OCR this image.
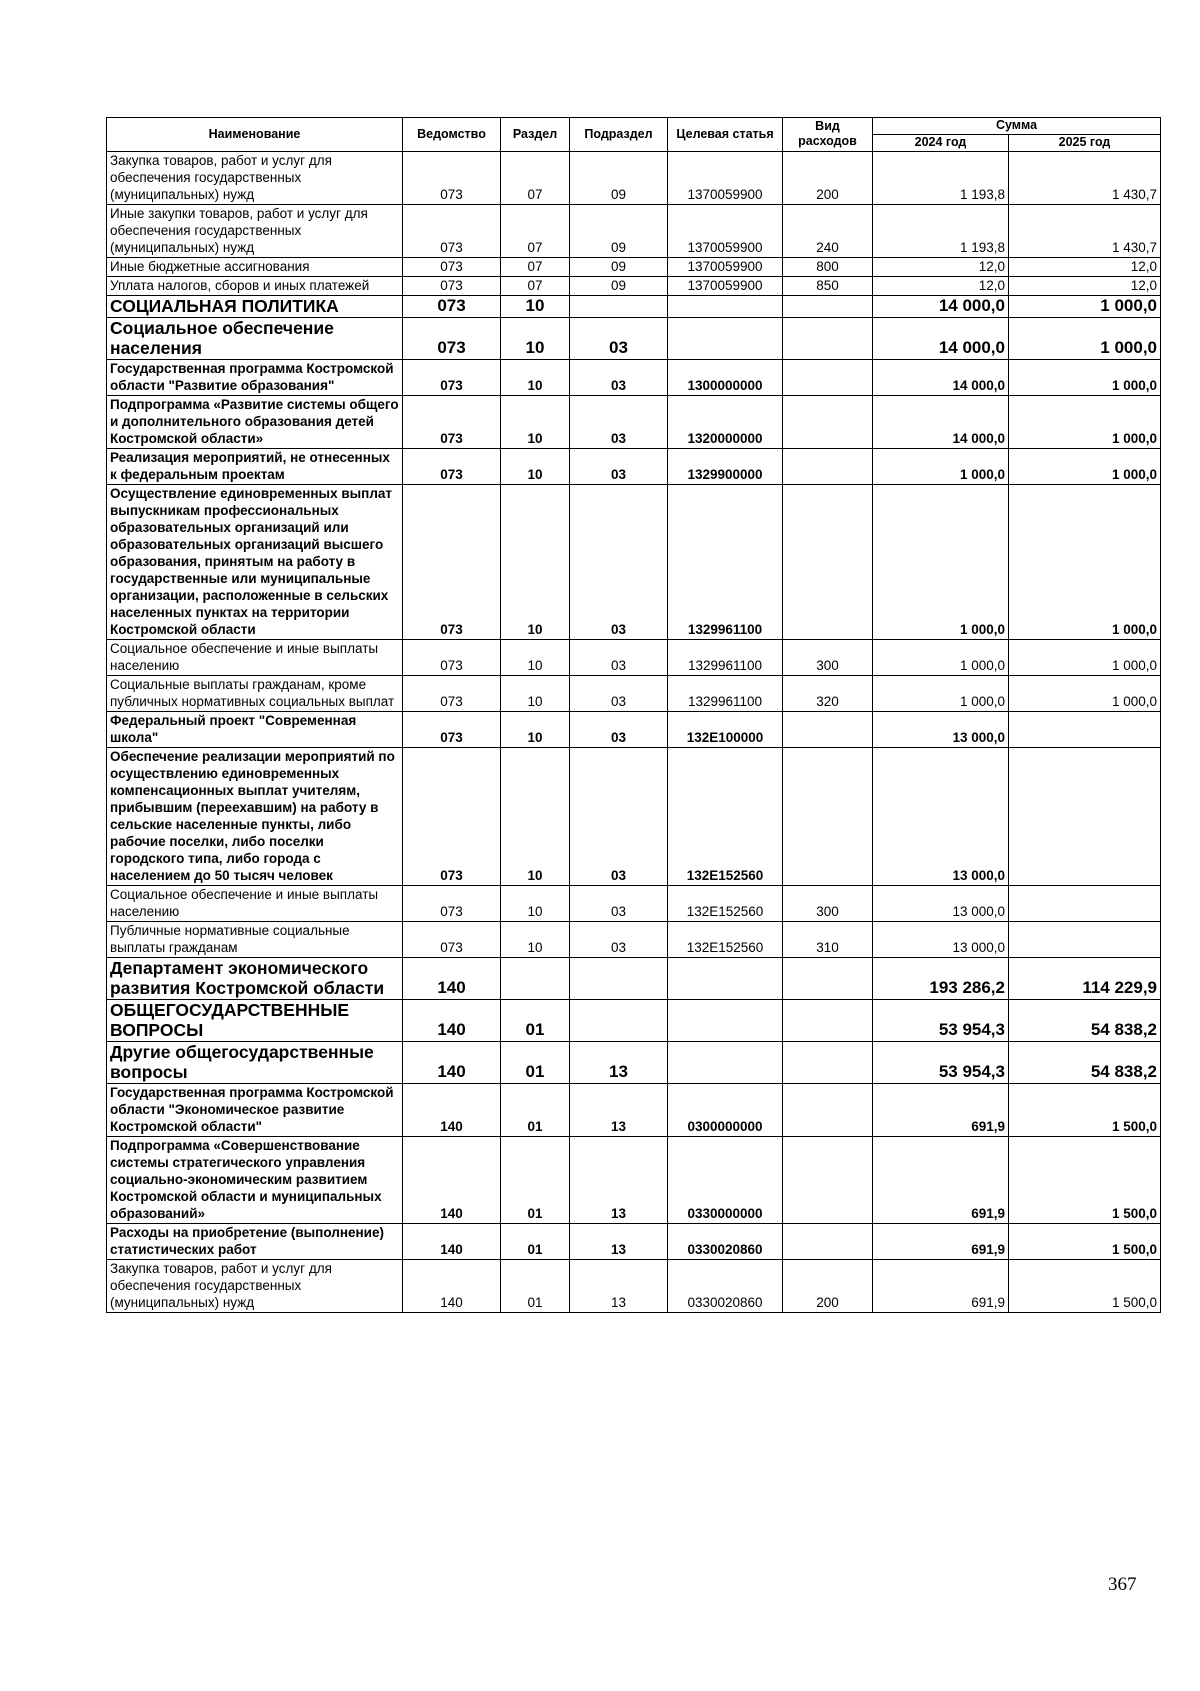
Наименование	Ведомство	Раздел	Подраздел	Целевая статья	Вид расходов	Сумма	
						2024 год	2025 год
Закупка товаров, работ и услуг для обеспечения государственных (муниципальных) нужд	073	07	09	1370059900	200	1 193,8	1 430,7
Иные закупки товаров, работ и услуг для обеспечения государственных (муниципальных) нужд	073	07	09	1370059900	240	1 193,8	1 430,7
Иные бюджетные ассигнования	073	07	09	1370059900	800	12,0	12,0
Уплата налогов, сборов и иных платежей	073	07	09	1370059900	850	12,0	12,0
СОЦИАЛЬНАЯ ПОЛИТИКА	073	10				14 000,0	1 000,0
Социальное обеспечение населения	073	10	03			14 000,0	1 000,0
Государственная программа Костромской области "Развитие образования"	073	10	03	1300000000		14 000,0	1 000,0
Подпрограмма «Развитие системы общего и дополнительного образования детей Костромской области»	073	10	03	1320000000		14 000,0	1 000,0
Реализация мероприятий, не отнесенных к федеральным проектам	073	10	03	1329900000		1 000,0	1 000,0
Осуществление единовременных выплат выпускникам профессиональных образовательных организаций или образовательных организаций высшего образования, принятым на работу в государственные или муниципальные организации, расположенные в сельских населенных пунктах на территории Костромской области	073	10	03	1329961100		1 000,0	1 000,0
Социальное обеспечение и иные выплаты населению	073	10	03	1329961100	300	1 000,0	1 000,0
Социальные выплаты гражданам, кроме публичных нормативных социальных выплат	073	10	03	1329961100	320	1 000,0	1 000,0
Федеральный проект "Современная школа"	073	10	03	132E100000		13 000,0	
Обеспечение реализации мероприятий по осуществлению единовременных компенсационных выплат учителям, прибывшим (переехавшим) на работу в сельские населенные пункты, либо рабочие поселки, либо поселки городского типа, либо города с населением до 50 тысяч человек	073	10	03	132E152560		13 000,0	
Социальное обеспечение и иные выплаты населению	073	10	03	132E152560	300	13 000,0	
Публичные нормативные социальные выплаты гражданам	073	10	03	132E152560	310	13 000,0	
Департамент экономического развития Костромской области	140					193 286,2	114 229,9
ОБЩЕГОСУДАРСТВЕННЫЕ ВОПРОСЫ	140	01				53 954,3	54 838,2
Другие общегосударственные вопросы	140	01	13			53 954,3	54 838,2
Государственная программа Костромской области "Экономическое развитие Костромской области"	140	01	13	0300000000		691,9	1 500,0
Подпрограмма «Совершенствование системы стратегического управления социально-экономическим развитием Костромской области и муниципальных образований»	140	01	13	0330000000		691,9	1 500,0
Расходы на приобретение (выполнение) статистических работ	140	01	13	0330020860		691,9	1 500,0
Закупка товаров, работ и услуг для обеспечения государственных (муниципальных) нужд	140	01	13	0330020860	200	691,9	1 500,0
367
